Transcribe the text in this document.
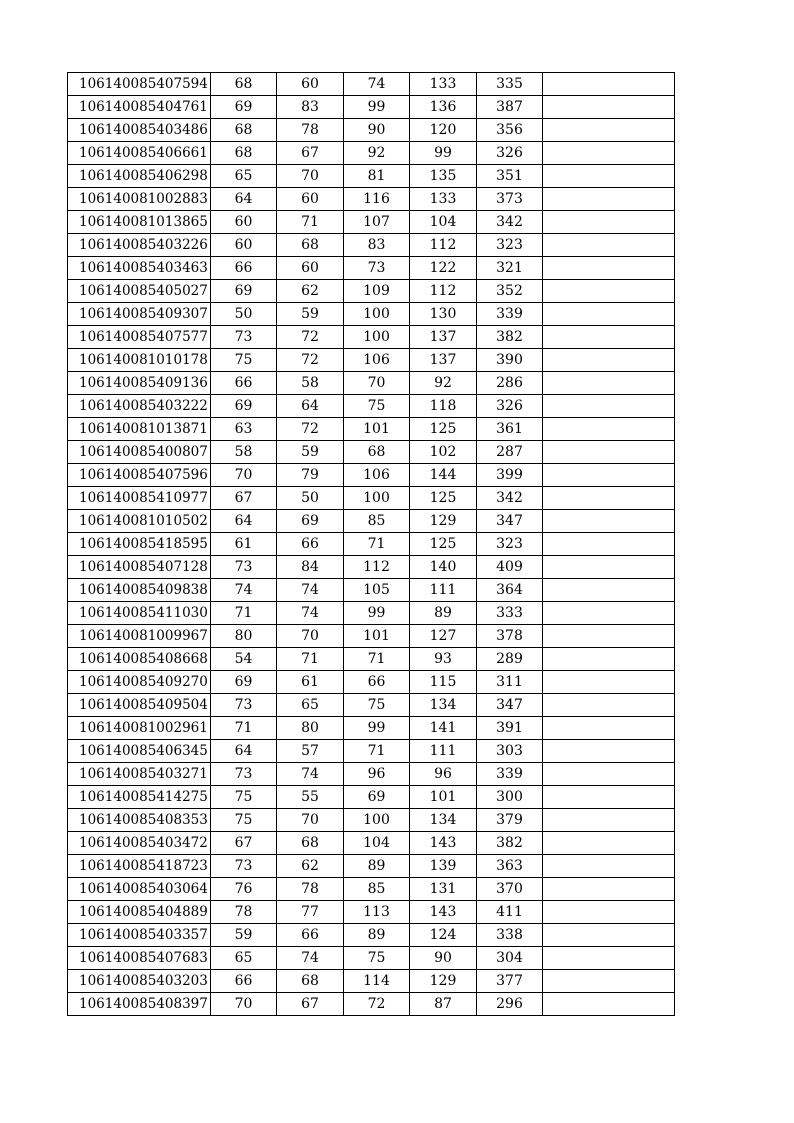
106140085407594	68	60	74	133	335	
106140085404761	69	83	99	136	387	
106140085403486	68	78	90	120	356	
106140085406661	68	67	92	99	326	
106140085406298	65	70	81	135	351	
106140081002883	64	60	116	133	373	
106140081013865	60	71	107	104	342	
106140085403226	60	68	83	112	323	
106140085403463	66	60	73	122	321	
106140085405027	69	62	109	112	352	
106140085409307	50	59	100	130	339	
106140085407577	73	72	100	137	382	
106140081010178	75	72	106	137	390	
106140085409136	66	58	70	92	286	
106140085403222	69	64	75	118	326	
106140081013871	63	72	101	125	361	
106140085400807	58	59	68	102	287	
106140085407596	70	79	106	144	399	
106140085410977	67	50	100	125	342	
106140081010502	64	69	85	129	347	
106140085418595	61	66	71	125	323	
106140085407128	73	84	112	140	409	
106140085409838	74	74	105	111	364	
106140085411030	71	74	99	89	333	
106140081009967	80	70	101	127	378	
106140085408668	54	71	71	93	289	
106140085409270	69	61	66	115	311	
106140085409504	73	65	75	134	347	
106140081002961	71	80	99	141	391	
106140085406345	64	57	71	111	303	
106140085403271	73	74	96	96	339	
106140085414275	75	55	69	101	300	
106140085408353	75	70	100	134	379	
106140085403472	67	68	104	143	382	
106140085418723	73	62	89	139	363	
106140085403064	76	78	85	131	370	
106140085404889	78	77	113	143	411	
106140085403357	59	66	89	124	338	
106140085407683	65	74	75	90	304	
106140085403203	66	68	114	129	377	
106140085408397	70	67	72	87	296	
